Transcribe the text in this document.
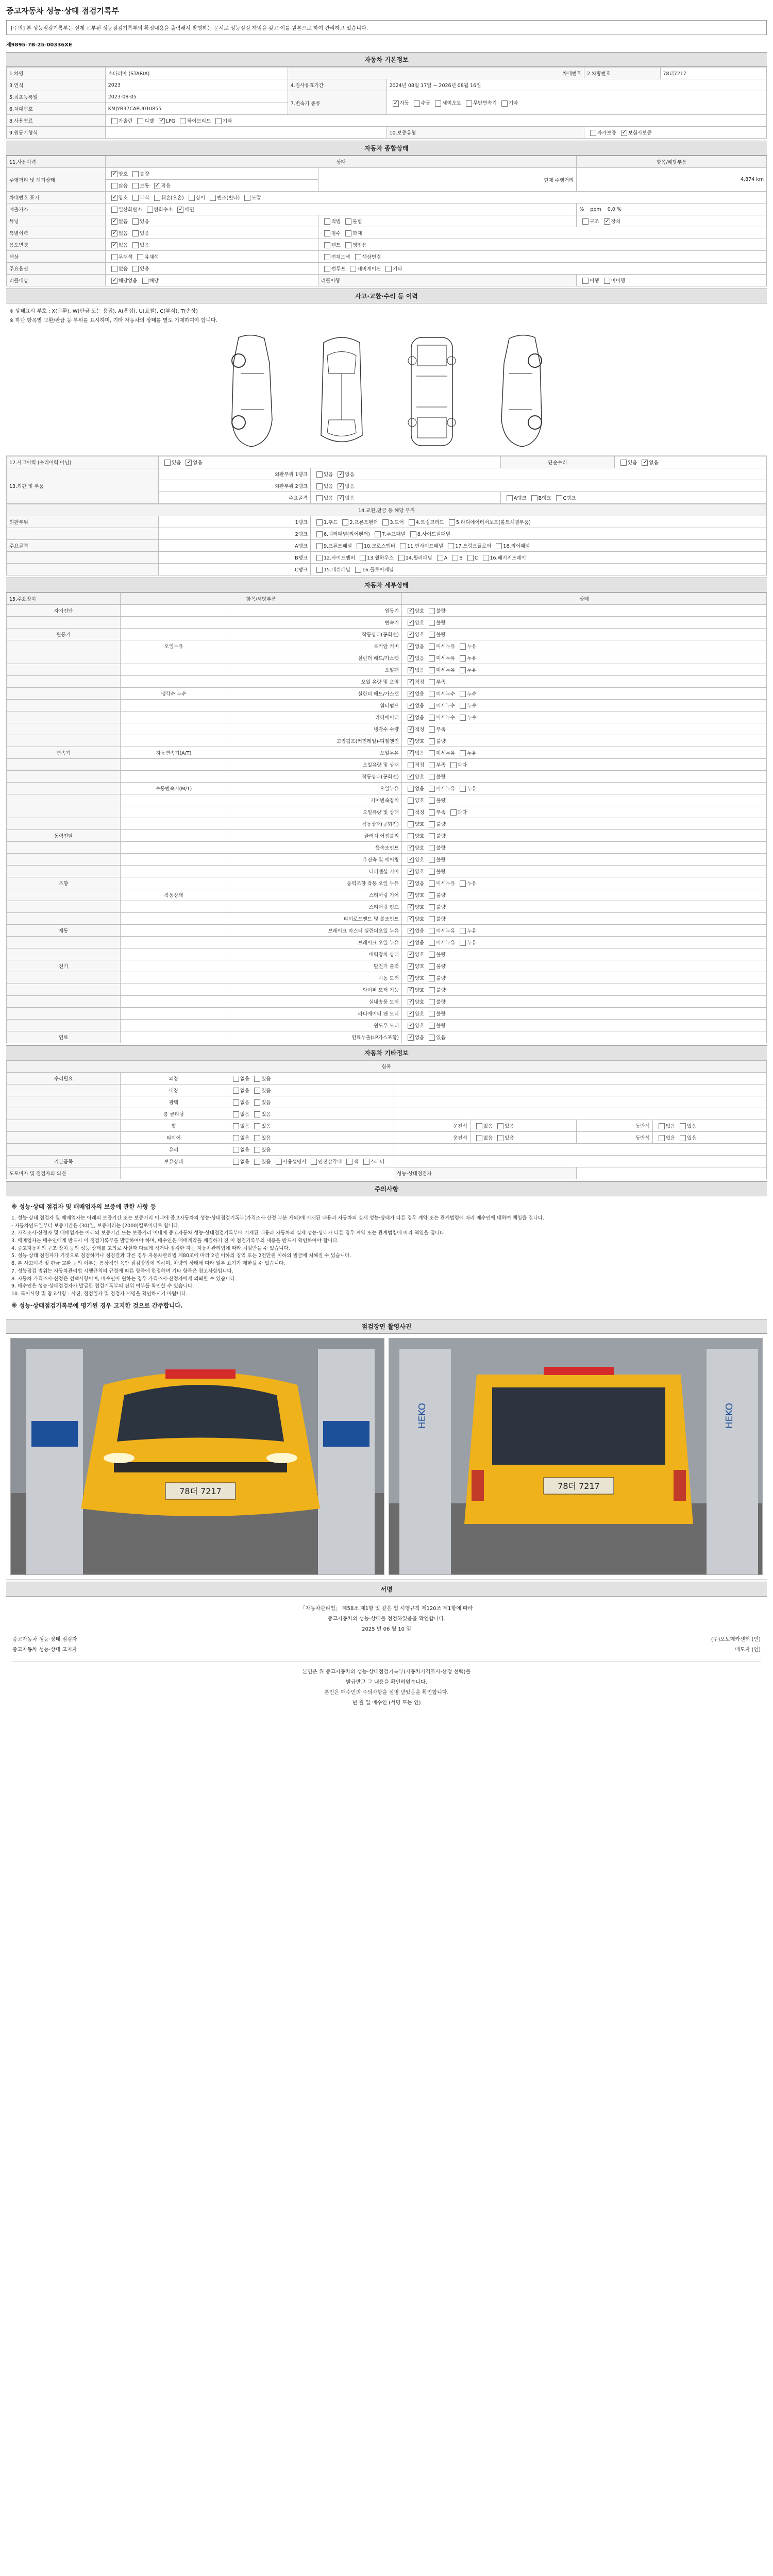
중고자동차 성능·상태 점검기록부
[주의] 본 성능점검기록부는 실제 교부된 성능점검기록부의 확정내용을 출력해서 발행하는 문서로 성능점검 책임을 갖고 이를 원본으로 하여 관리하고 있습니다.
제9895-7B-25-00336XE
자동차 기본정보
1.차명	스타리아 (STARIA)	차대번호		2.차량번호	78더7217
3.연식	2023	4.검사유효기간	2024년 08월 17일 ~ 2026년 08월 16일		
5.최초등록일	2023-08-05	7.변속기 종류	✓자동 수동 세미오토 무단변속기 기타
6.차대번호	KMJYB37CAPU010855				
8.사용연료	가솔린 디젤 ✓ LPG 하이브리드 기타
9.원동기형식			10.보증유형	자가보증 ✓ 보험사보증
자동차 종합상태
11.사용이력	상태		항목/해당부품
주행거리 및 계기상태	✓양호 불량	현재 주행거리	4,874 km
	많음 보통 ✓ 적음
차대번호 표기	✓양호 부식 훼손(오손) 상이 변조(변타) 도말
배출가스	일산화탄소 탄화수소 ✓ 매연		% ppm 0.0 %
튜닝	✓없음 있음	적법 불법	구조 ✓ 장치
특별이력	✓없음 있음	침수 화재	
용도변경	✓없음 있음	렌트 영업용	
색상	무채색 유채색	전체도색 색상변경	
주요옵션	없음 있음	썬루프 네비게이션 기타	
리콜대상	✓해당없음 해당	리콜이행	이행 미이행
사고·교환·수리 등 이력
※ 상태표시 부호 : X(교환), W(판금 또는 용접), A(흠집), U(요철), C(부식), T(손상)
※ 하단 항목별 교환/판금 등 부위를 표시하며, 기타 자동차의 상태를 별도 기재하여야 합니다.
12.사고이력 (수리이력 아님)	있음 ✓ 없음		단순수리	있음 ✓ 없음
13.외판 및 부품	외판부위 1랭크	있음 ✓ 없음
	외판부위 2랭크	있음 ✓ 없음
	주요골격	있음 ✓ 없음	A랭크 B랭크 C랭크	
14.교환,판금 등 해당 부위		
외판부위	1랭크	1.후드 2.프론트펜더 3.도어 4.트렁크리드 5.라디에이터서포트(볼트체결부품)
	2랭크	6.쿼터패널(리어펜더) 7.루프패널 8.사이드실패널
주요골격	A랭크	9.프론트패널 10.크로스멤버 11.인사이드패널 17.트렁크플로어 18.리어패널
	B랭크	12.사이드멤버 13.휠하우스 14.필러패널 A B C 16.패키지트레이
	C랭크	15.대쉬패널 16.플로어패널
자동차 세부상태
15.주요장치	항목/해당부품		상태
자기진단		원동기	✓양호 불량
		변속기	✓양호 불량
원동기		작동상태(공회전)	✓양호 불량
	오일누유	로커암 커버	✓없음 미세누유 누유
		실린더 헤드/가스켓	✓없음 미세누유 누유
		오일팬	✓없음 미세누유 누유
		오일 유량 및 오염	✓적정 부족
	냉각수 누수	실린더 헤드/가스켓	✓없음 미세누수 누수
		워터펌프	✓없음 미세누수 누수
		라디에이터	✓없음 미세누수 누수
		냉각수 수량	✓적정 부족
		고압펌프(커먼레일)-디젤엔진	✓양호 불량
변속기	자동변속기(A/T)	오일누유	✓없음 미세누유 누유
		오일유량 및 상태	적정 부족 과다
		작동상태(공회전)	✓양호 불량
	수동변속기(M/T)	오일누유	없음 미세누유 누유
		기어변속장치	양호 불량
		오일유량 및 상태	적정 부족 과다
		작동상태(공회전)	양호 불량
동력전달		클러치 어셈블리	양호 불량
		등속조인트	✓양호 불량
		추진축 및 베어링	✓양호 불량
		디퍼렌셜 기어	✓양호 불량
조향		동력조향 작동 오일 누유	✓없음 미세누유 누유
	작동상태	스티어링 기어	✓양호 불량
		스티어링 펌프	✓양호 불량
		타이로드엔드 및 볼조인트	✓양호 불량
제동		브레이크 마스터 실린더오일 누유	✓없음 미세누유 누유
		브레이크 오일 누유	✓없음 미세누유 누유
		배력장치 상태	✓양호 불량
전기		발전기 출력	✓양호 불량
		시동 모터	✓양호 불량
		와이퍼 모터 기능	✓양호 불량
		실내송풍 모터	✓양호 불량
		라디에이터 팬 모터	✓양호 불량
		윈도우 모터	✓양호 불량
연료		연료누출(LP가스포함)	✓없음 있음
자동차 기타정보
항목						
수리필요	외장	없음 있음				
	내장	없음 있음				
	광택	없음 있음				
	룸 클리닝	없음 있음				
	휠	없음 있음	운전석	없음 있음	동반석	없음 있음
	타이어	없음 있음	운전석	없음 있음	동반석	없음 있음
	유리	없음 있음				
기본품목	보유상태	없음 있음 사용설명서 안전삼각대 잭 스패너				
도포비자 및 점검자의 의견			성능·상태점검자			
주의사항
※ 성능·상태 점검자 및 매매업자의 보증에 관한 사항 등
1. 성능·상태 점검자 및 매매업자는 아래의 보증기간 또는 보증거리 이내에 중고자동차의 성능·상태점검기록부(가격조사·산정 부분 제외)에 기재된 내용과 자동차의 실제 성능·상태가 다른 경우 계약 또는 관계법령에 따라 매수인에 대하여 책임을 집니다.
- 자동차인도일부터 보증기간은 (30)일, 보증거리는 (2000)킬로미터로 합니다.
2. 가격조사·산정자 및 매매업자는 아래의 보증기간 또는 보증거리 이내에 중고자동차 성능·상태점검기록부에 기재된 내용과 자동차의 실제 성능·상태가 다른 경우 계약 또는 관계법령에 따라 책임을 집니다.
3. 매매업자는 매수인에게 반드시 이 점검기록부를 발급하여야 하며, 매수인은 매매계약을 체결하기 전 이 점검기록부의 내용을 반드시 확인하여야 합니다.
4. 중고자동차의 구조·장치 등의 성능·상태를 고의로 사실과 다르게 적거나 점검한 자는 자동차관리법에 따라 처벌받을 수 있습니다.
5. 성능·상태 점검자가 거짓으로 점검하거나 점검결과 다른 경우 자동차관리법 제80조에 따라 2년 이하의 징역 또는 2천만원 이하의 벌금에 처해질 수 있습니다.
6. 본 사고이력 및 판금·교환 등의 여부는 통상적인 육안 점검방법에 의하며, 차량의 상태에 따라 일부 표기가 제한될 수 있습니다.
7. 성능점검 범위는 자동차관리법 시행규칙의 규정에 따른 항목에 한정하며 기타 항목은 참고사항입니다.
8. 자동차 가격조사·산정은 선택사항이며, 매수인이 원하는 경우 가격조사·산정자에게 의뢰할 수 있습니다.
9. 매수인은 성능·상태점검자가 발급한 점검기록부의 진위 여부를 확인할 수 있습니다.
10. 특이사항 및 참고사항 : 사진, 점검일자 및 점검자 서명을 확인하시기 바랍니다.
※ 성능·상태점검기록부에 명기된 경우 고지한 것으로 간주합니다.
점검장면 촬영사진
78더 7217
HEKO	HEKO
78더 7217
서명
「자동차관리법」 제58조 제1항 및 같은 법 시행규칙 제120조 제1항에 따라
중고자동차의 성능·상태를 점검하였음을 확인합니다.
2025 년 06 월 10 일
중고자동차 성능·상태 점검자	(주)오토메카센터 (인)
중고자동차 성능·상태 고지자	매도자 (인)
본인은 위 중고자동차의 성능·상태점검기록부(자동차가격조사·산정 선택)를
발급받고 그 내용을 확인하였습니다.
본인은 매수인의 주의사항을 설명 받았음을 확인합니다.
년 월 일 매수인 (서명 또는 인)
